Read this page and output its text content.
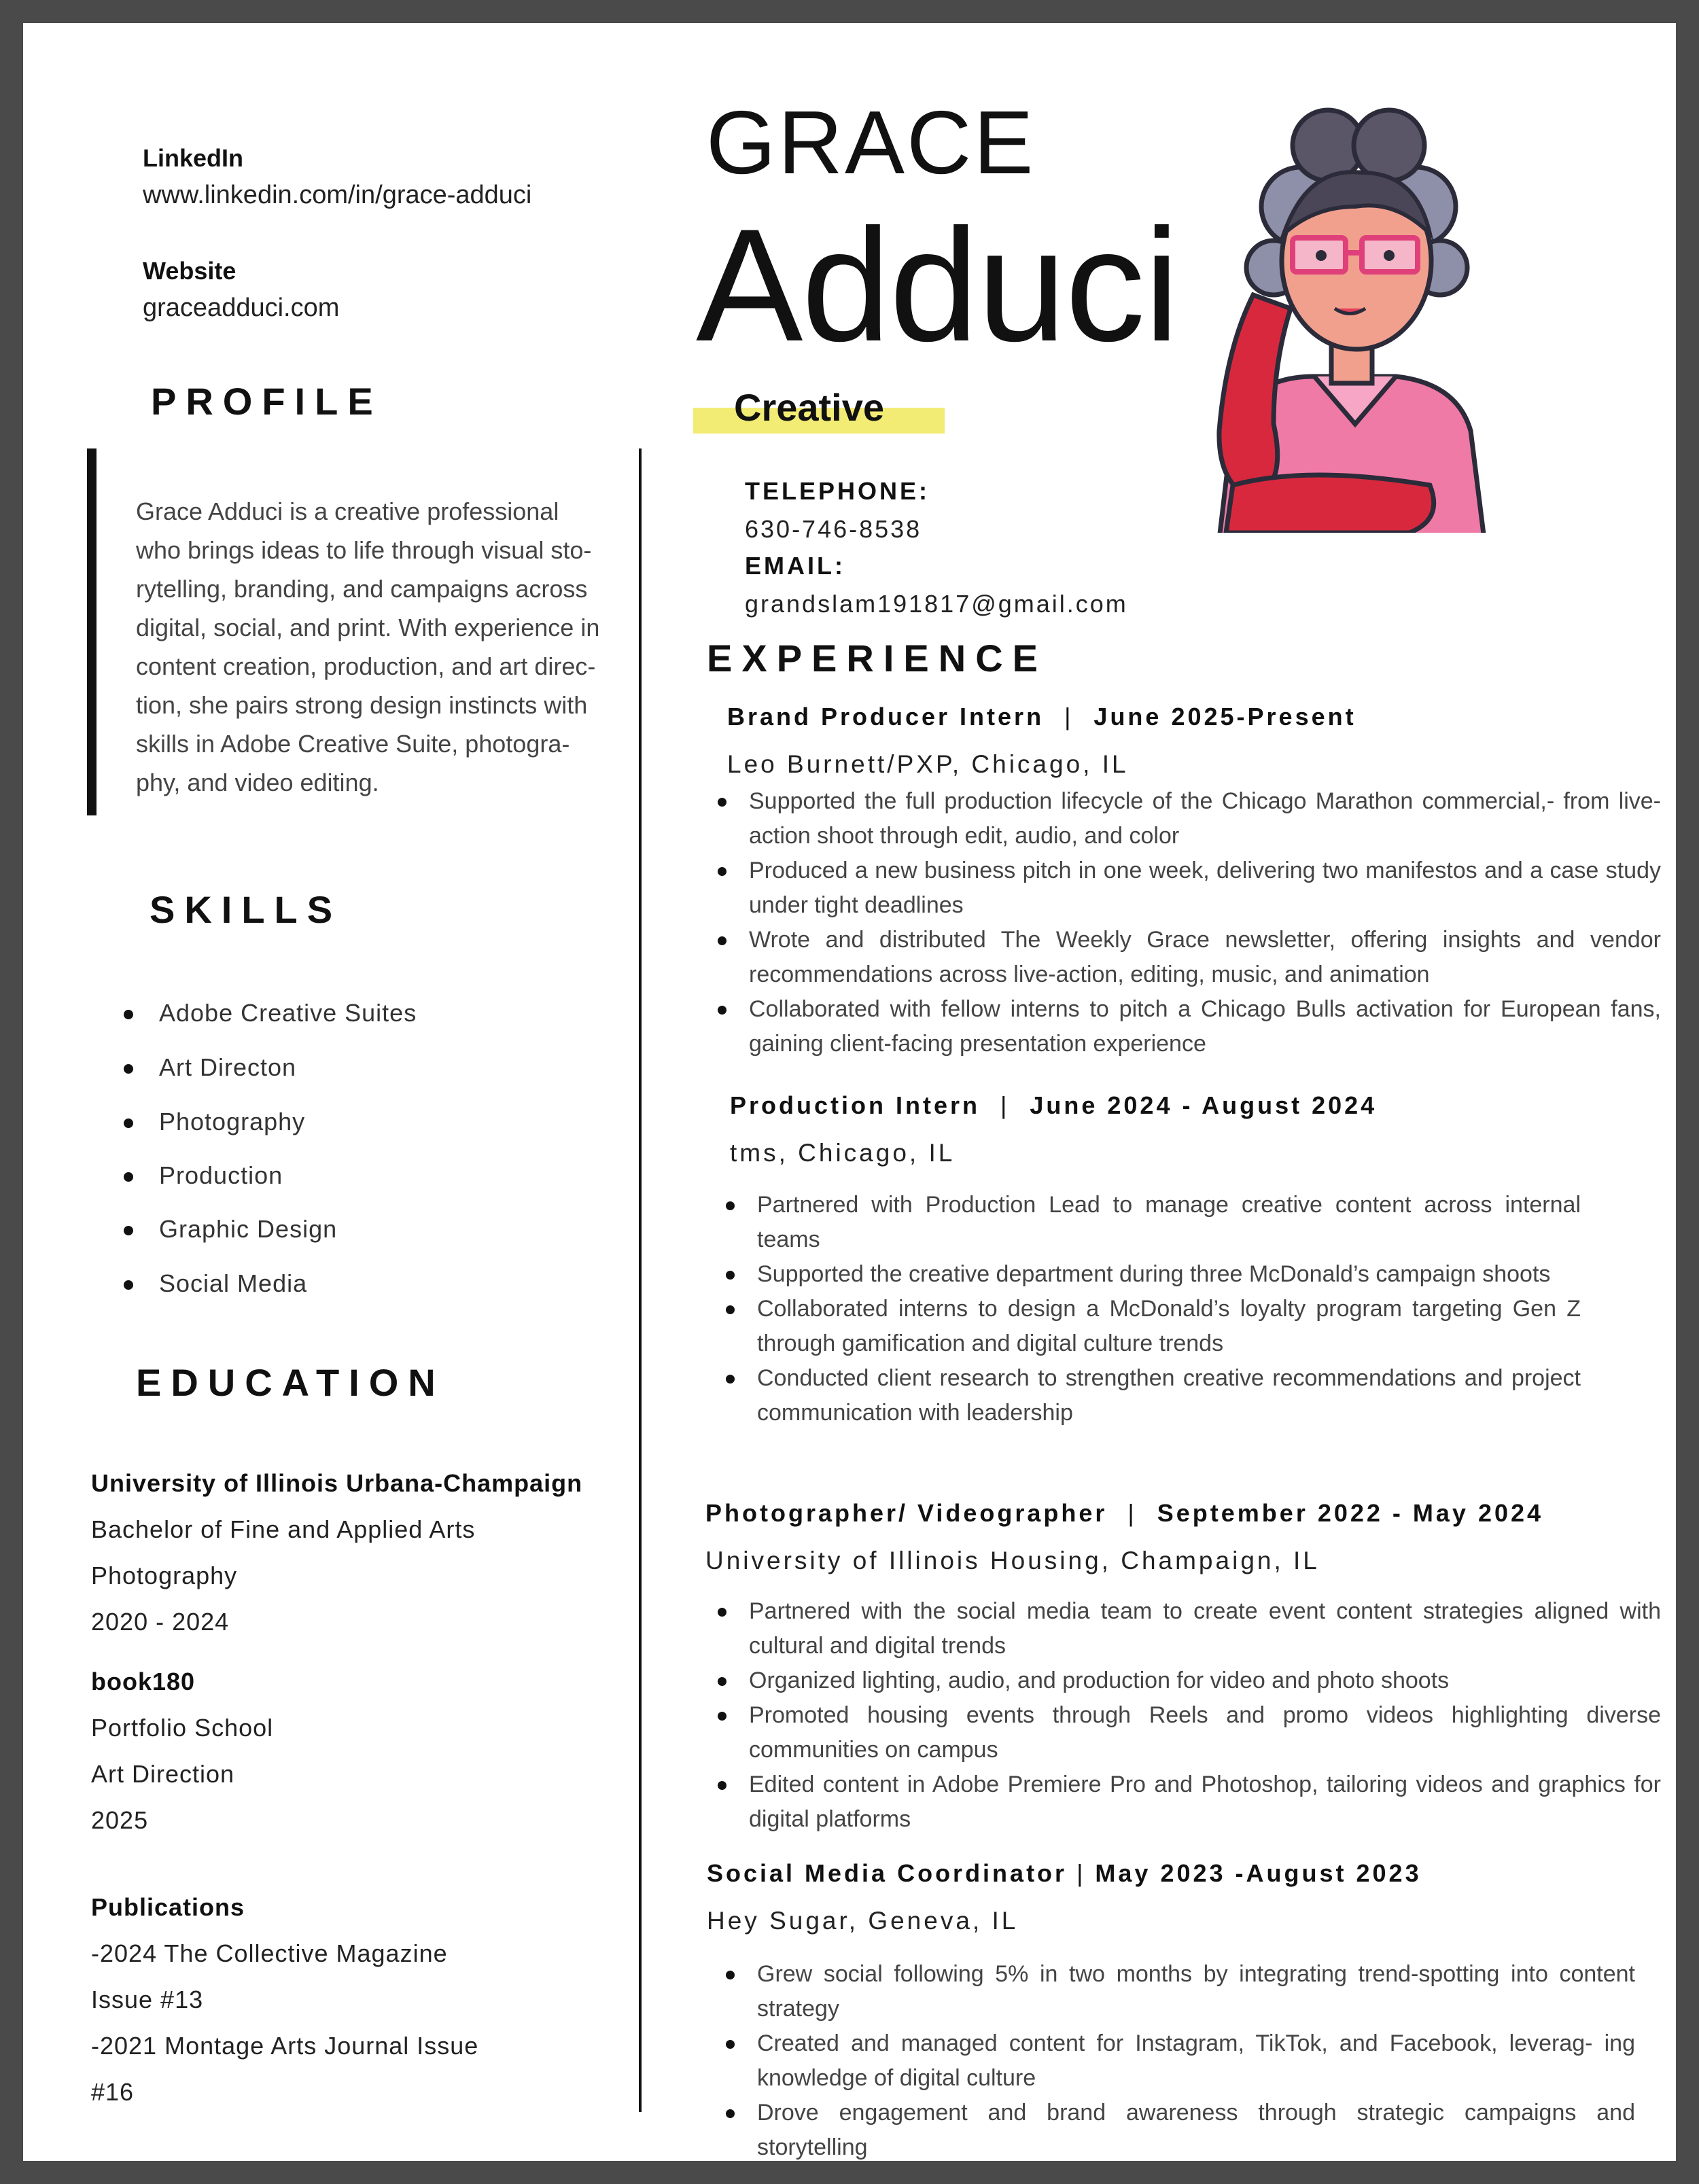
LinkedIn
www.linkedin.com/in/grace-adduci
Website
graceadduci.com
PROFILE
Grace Adduci is a creative professional
who brings ideas to life through visual sto-
rytelling, branding, and campaigns across
digital, social, and print. With experience in
content creation, production, and art direc-
tion, she pairs strong design instincts with
skills in Adobe Creative Suite, photogra-
phy, and video editing.
SKILLS
Adobe Creative Suites
Art Directon
Photography
Production
Graphic Design
Social Media
EDUCATION
University of Illinois Urbana-Champaign
Bachelor of Fine and Applied Arts
Photography
2020 - 2024
book180
Portfolio School
Art Direction
2025
Publications
-2024 The Collective Magazine
Issue #13
-2021 Montage Arts Journal Issue
#16
GRACE
Adduci
Creative
TELEPHONE:
630-746-8538
EMAIL:
grandslam191817@gmail.com
EXPERIENCE
Brand Producer Intern | June 2025-Present
Leo Burnett/PXP, Chicago, IL
Supported the full production lifecycle of the Chicago Marathon commercial,- from live-action shoot through edit, audio, and color
Produced a new business pitch in one week, delivering two manifestos and a case study under tight deadlines
Wrote and distributed The Weekly Grace newsletter, offering insights and vendor recommendations across live-action, editing, music, and animation
Collaborated with fellow interns to pitch a Chicago Bulls activation for European fans, gaining client-facing presentation experience
Production Intern | June 2024 - August 2024
tms, Chicago, IL
Partnered with Production Lead to manage creative content across internal teams
Supported the creative department during three McDonald’s campaign shoots
Collaborated interns to design a McDonald’s loyalty program targeting Gen Z through gamification and digital culture trends
Conducted client research to strengthen creative recommendations and project communication with leadership
Photographer/ Videographer | September 2022 - May 2024
University of Illinois Housing, Champaign, IL
Partnered with the social media team to create event content strategies aligned with cultural and digital trends
Organized lighting, audio, and production for video and photo shoots
Promoted housing events through Reels and promo videos highlighting diverse communities on campus
Edited content in Adobe Premiere Pro and Photoshop, tailoring videos and graphics for digital platforms
Social Media Coordinator | May 2023 -August 2023
Hey Sugar, Geneva, IL
Grew social following 5% in two months by integrating trend-spotting into content strategy
Created and managed content for Instagram, TikTok, and Facebook, leverag- ing knowledge of digital culture
Drove engagement and brand awareness through strategic campaigns and storytelling
